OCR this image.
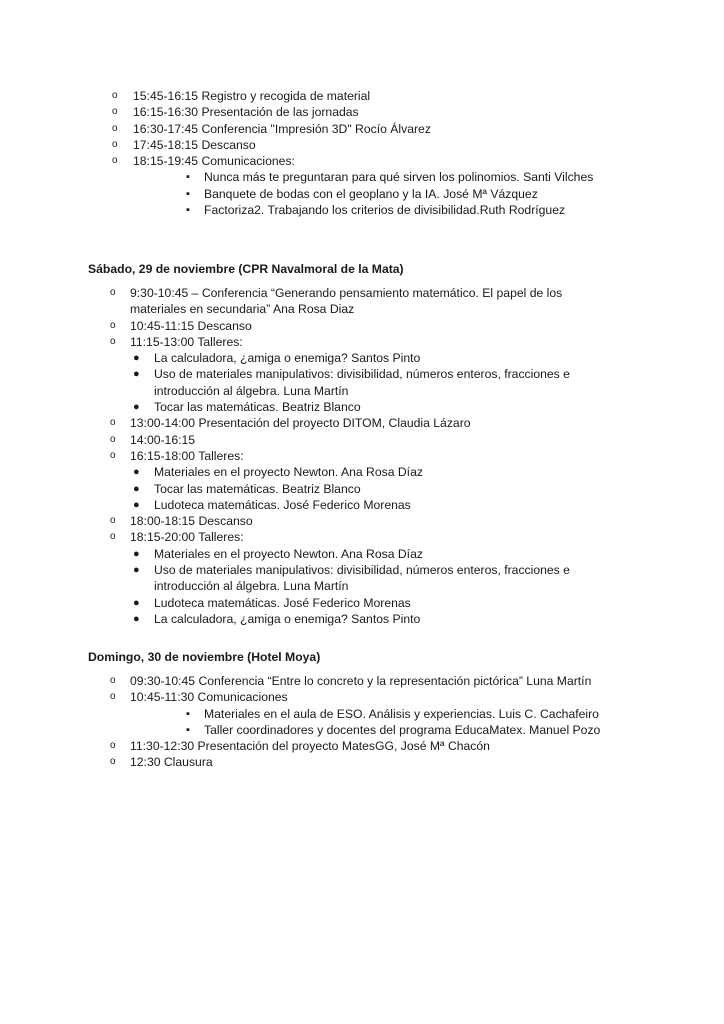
o 15:45-16:15 Registro y recogida de material
o 16:15-16:30 Presentación de las jornadas
o 16:30-17:45 Conferencia "Impresión 3D" Rocío Álvarez
o 17:45-18:15 Descanso
o 18:15-19:45 Comunicaciones:
▪ Nunca más te preguntaran para qué sirven los polinomios. Santi Vilches
▪ Banquete de bodas con el geoplano y la IA. José Mª Vázquez
▪ Factoriza2. Trabajando los criterios de divisibilidad.Ruth Rodríguez
Sábado, 29 de noviembre (CPR Navalmoral de la Mata)
o 9:30-10:45 – Conferencia “Generando pensamiento matemático. El papel de los
materiales en secundaria” Ana Rosa Diaz
o 10:45-11:15 Descanso
o 11:15-13:00 Talleres:
● La calculadora, ¿amiga o enemiga? Santos Pinto
● Uso de materiales manipulativos: divisibilidad, números enteros, fracciones e
introducción al álgebra. Luna Martín
● Tocar las matemáticas. Beatriz Blanco
o 13:00-14:00 Presentación del proyecto DITOM, Claudia Lázaro
o 14:00-16:15
o 16:15-18:00 Talleres:
● Materiales en el proyecto Newton. Ana Rosa Díaz
● Tocar las matemáticas. Beatriz Blanco
● Ludoteca matemáticas. José Federico Morenas
o 18:00-18:15 Descanso
o 18:15-20:00 Talleres:
● Materiales en el proyecto Newton. Ana Rosa Díaz
● Uso de materiales manipulativos: divisibilidad, números enteros, fracciones e
introducción al álgebra. Luna Martín
● Ludoteca matemáticas. José Federico Morenas
● La calculadora, ¿amiga o enemiga? Santos Pinto
Domingo, 30 de noviembre (Hotel Moya)
o 09:30-10:45 Conferencia “Entre lo concreto y la representación pictórica” Luna Martín
o 10:45-11:30 Comunicaciones
▪ Materiales en el aula de ESO. Análisis y experiencias. Luis C. Cachafeiro
▪ Taller coordinadores y docentes del programa EducaMatex. Manuel Pozo
o 11:30-12:30 Presentación del proyecto MatesGG, José Mª Chacón
o 12:30 Clausura
